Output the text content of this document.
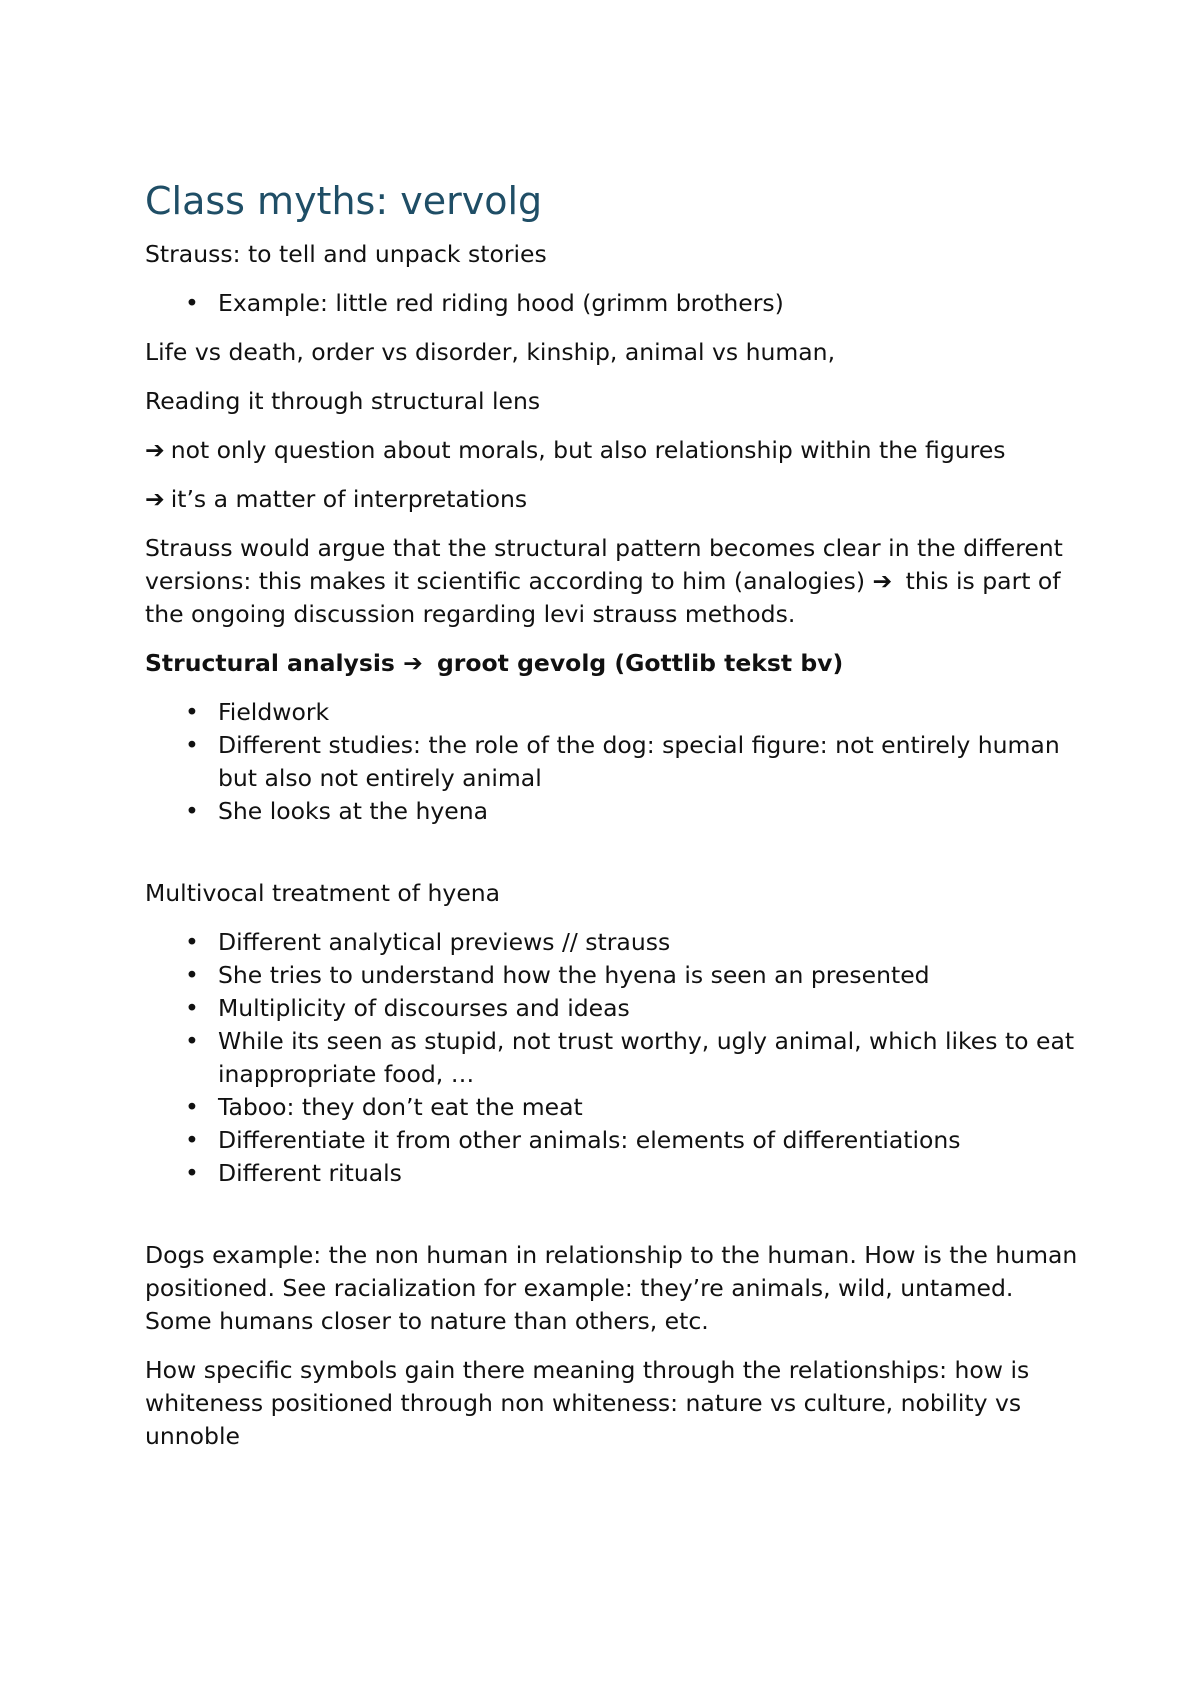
Class myths: vervolg

Strauss: to tell and unpack stories

• Example: little red riding hood (grimm brothers)

Life vs death, order vs disorder, kinship, animal vs human,

Reading it through structural lens

➔ not only question about morals, but also relationship within the figures

➔ it’s a matter of interpretations

Strauss would argue that the structural pattern becomes clear in the different versions: this makes it scientific according to him (analogies) ➔ this is part of the ongoing discussion regarding levi strauss methods.

Structural analysis ➔ groot gevolg (Gottlib tekst bv)

• Fieldwork
• Different studies: the role of the dog: special figure: not entirely human but also not entirely animal
• She looks at the hyena

Multivocal treatment of hyena

• Different analytical previews // strauss
• She tries to understand how the hyena is seen an presented
• Multiplicity of discourses and ideas
• While its seen as stupid, not trust worthy, ugly animal, which likes to eat inappropriate food, …
• Taboo: they don’t eat the meat
• Differentiate it from other animals: elements of differentiations
• Different rituals

Dogs example: the non human in relationship to the human. How is the human positioned. See racialization for example: they’re animals, wild, untamed. Some humans closer to nature than others, etc.

How specific symbols gain there meaning through the relationships: how is whiteness positioned through non whiteness: nature vs culture, nobility vs unnoble
